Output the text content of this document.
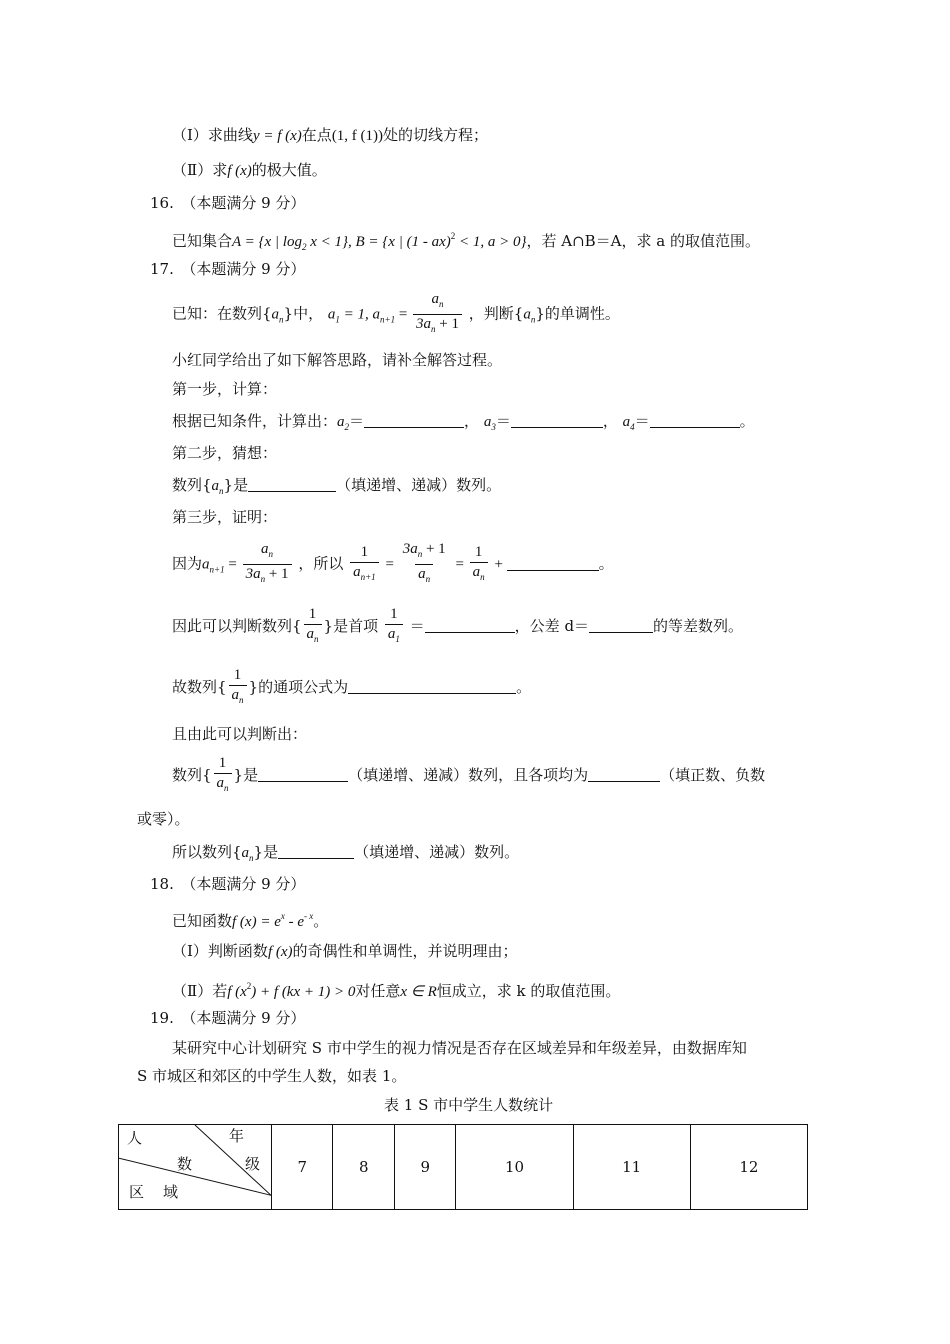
（Ⅰ）求曲线y = f (x)在点(1, f (1))处的切线方程；
（Ⅱ）求f (x)的极大值。
16.　（本题满分 9 分）
已知集合A = {x | $\log_2 x < 1$}, B = {x | (1 - ax)$^2$ < 1, a > 0}，若 A∩B＝A，求 a 的取值范围。
17.　（本题满分 9 分）
已知：在数列$\{a_n\}$中， $a_1 = 1$, $a_{n+1} = \frac{a_n}{3a_n + 1}$ ，判断$\{a_n\}$的单调性。
小红同学给出了如下解答思路，请补全解答过程。
第一步，计算：
根据已知条件，计算出：$a_2=$	， $a_3=$	， $a_4=$	。
第二步，猜想：
数列$\{a_n\}$是	（填递增、递减）数列。
第三步，证明：
因为$a_{n+1} = \frac{a_n}{3a_n + 1}$ ，所以 $\frac{1}{a_{n+1}} = \frac{3a_n + 1}{a_n} = \frac{1}{a_n}$ +	。
因此可以判断数列{ $\frac{1}{a_n}$ }是首项 $\frac{1}{a_1}$ ＝	，公差 d＝	的等差数列。
故数列{ $\frac{1}{a_n}$ }的通项公式为	。
且由此可以判断出：
数列{ $\frac{1}{a_n}$ }是	（填递增、递减）数列，且各项均为	（填正数、负数
或零）。
所以数列$\{a_n\}$是	（填递增、递减）数列。
18.　（本题满分 9 分）
已知函数f $(x) = e^x - e^{- x}$。
（Ⅰ）判断函数f (x)的奇偶性和单调性，并说明理由；
（Ⅱ）若f $(x^2) + f$ (kx + 1) > 0对任意x ∈ R恒成立，求 k 的取值范围。
19.　（本题满分 9 分）
某研究中心计划研究 S 市中学生的视力情况是否存在区域差异和年级差异，由数据库知
S 市城区和郊区的中学生人数，如表 1。
表 1 S 市中学生人数统计
人	年
数	级
区 域
	7	8	9	10	11	12
